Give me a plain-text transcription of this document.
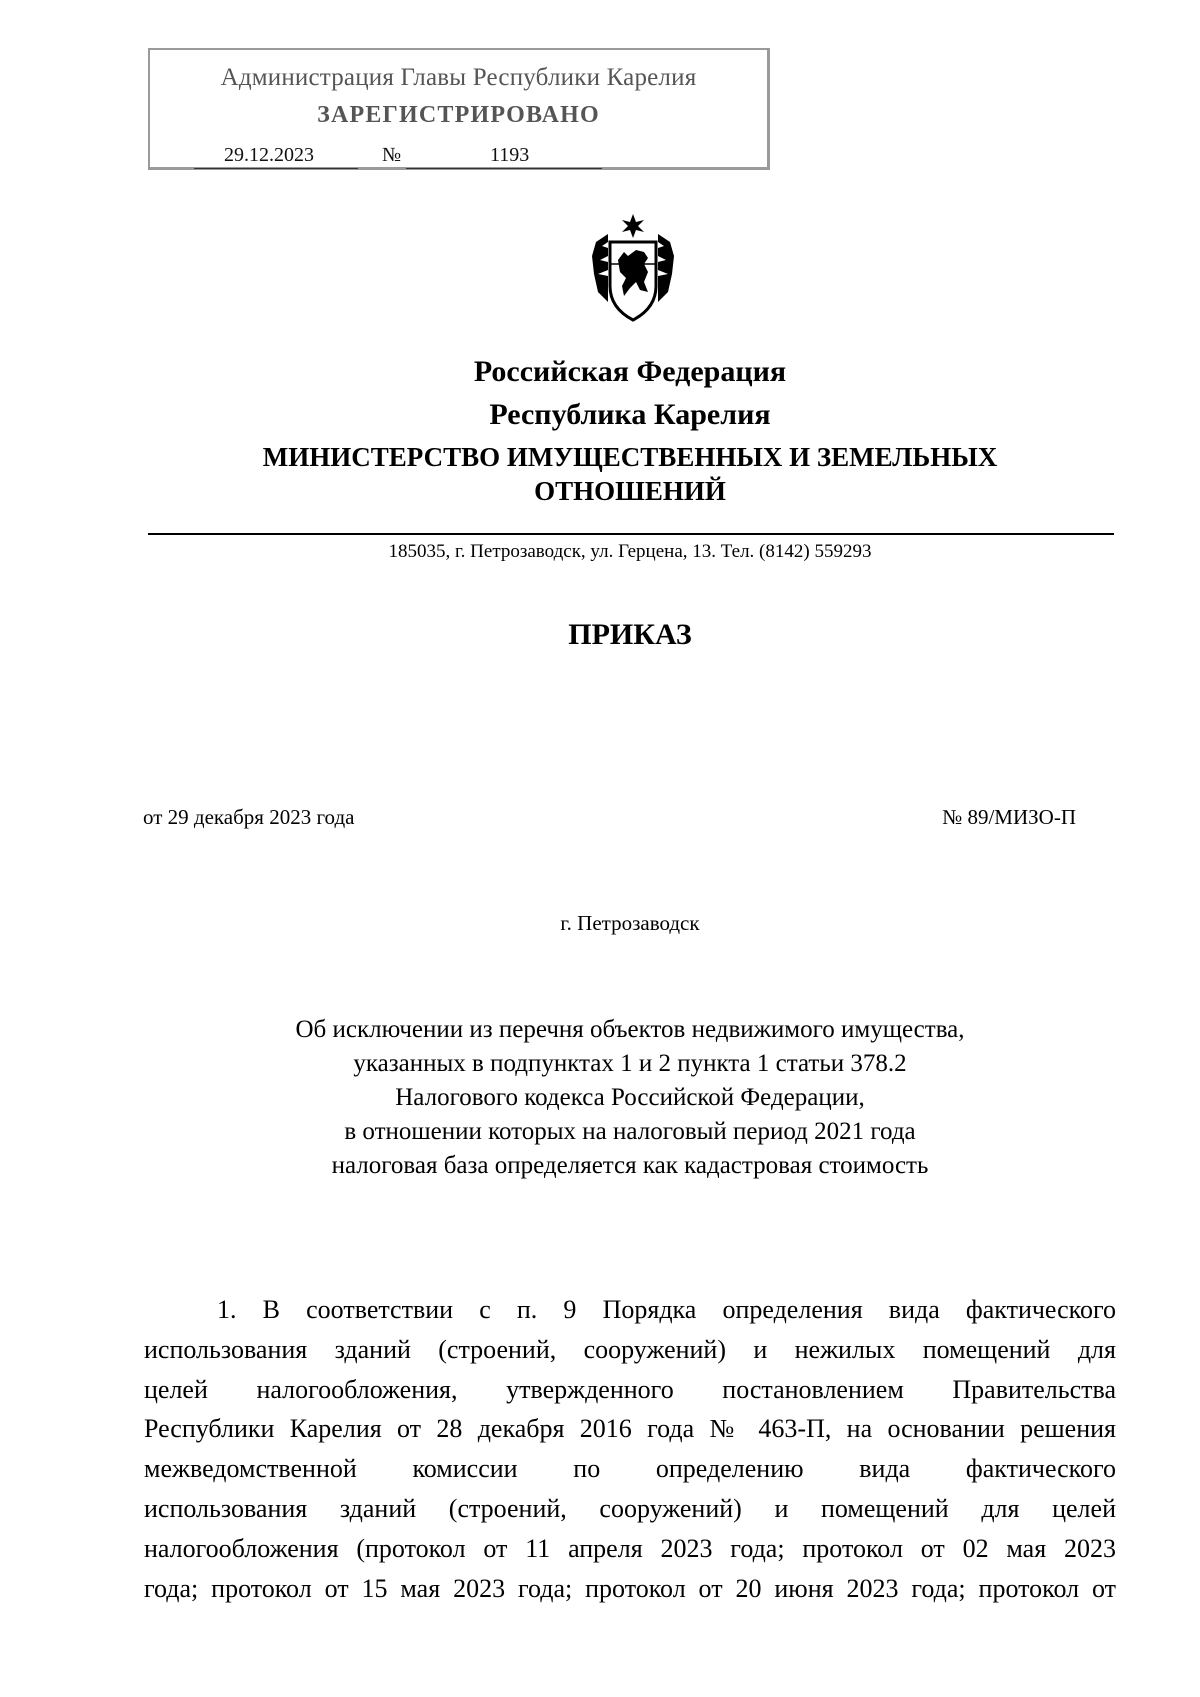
Администрация Главы Республики Карелия
ЗАРЕГИСТРИРОВАНО
29.12.2023	№	1193
Российская Федерация
Республика Карелия
МИНИСТЕРСТВО ИМУЩЕСТВЕННЫХ И ЗЕМЕЛЬНЫХ
ОТНОШЕНИЙ
185035, г. Петрозаводск, ул. Герцена, 13. Тел. (8142) 559293
ПРИКАЗ
от 29 декабря 2023 года	№ 89/МИЗО-П
г. Петрозаводск
Об исключении из перечня объектов недвижимого имущества,
указанных в подпунктах 1 и 2 пункта 1 статьи 378.2
Налогового кодекса Российской Федерации,
в отношении которых на налоговый период 2021 года
налоговая база определяется как кадастровая стоимость
1. В соответствии с п. 9 Порядка определения вида фактического
использования зданий (строений, сооружений) и нежилых помещений для
целей налогообложения, утвержденного постановлением Правительства
Республики Карелия от 28 декабря 2016 года № 463-П, на основании решения
межведомственной комиссии по определению вида фактического
использования зданий (строений, сооружений) и помещений для целей
налогообложения (протокол от 11 апреля 2023 года; протокол от 02 мая 2023
года; протокол от 15 мая 2023 года; протокол от 20 июня 2023 года; протокол от
